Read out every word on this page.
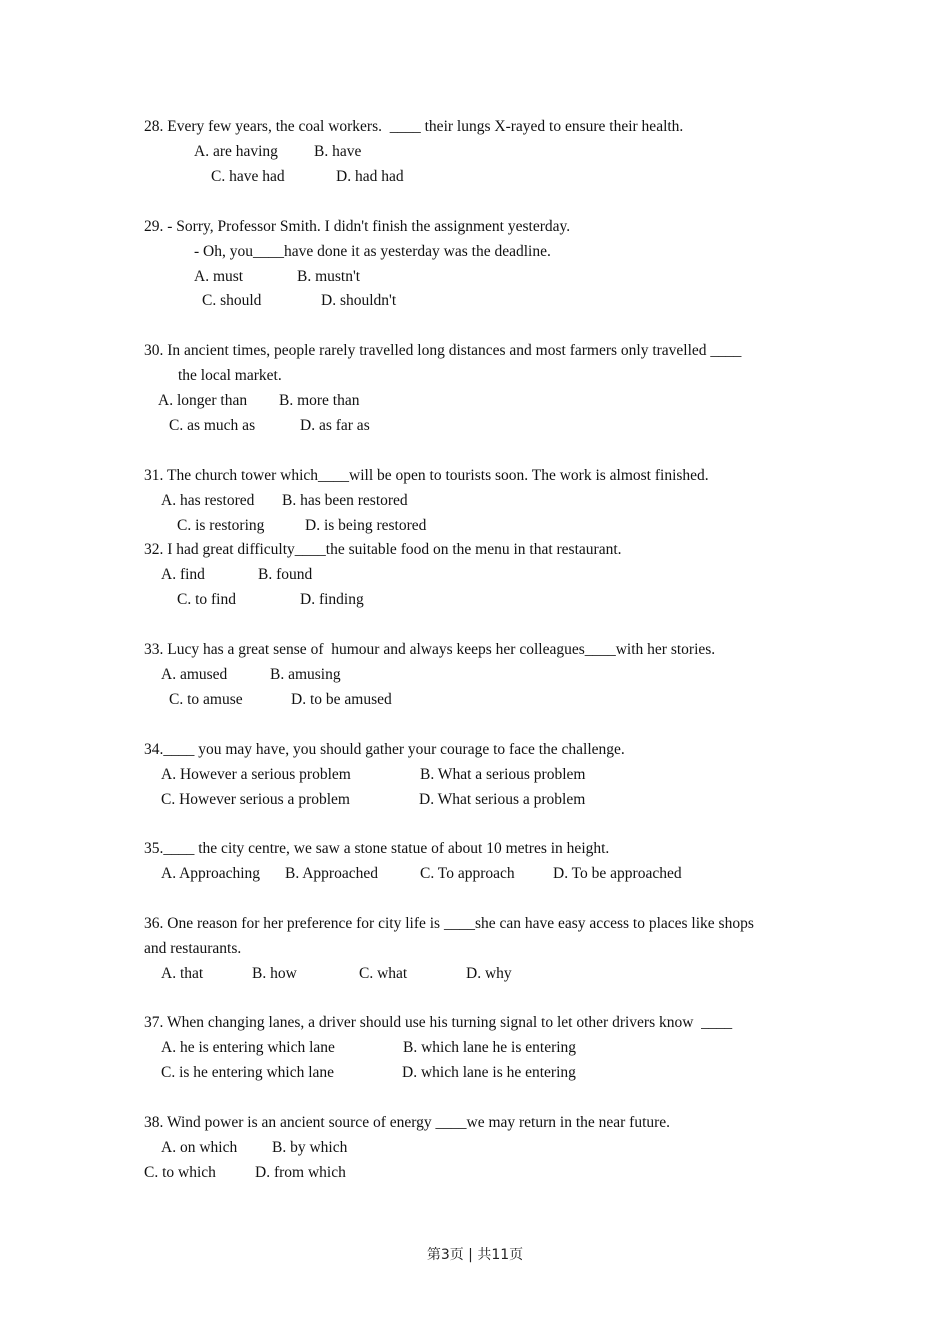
第3页 | 共11页
28. Every few years, the coal workers.  ____ their lungs X-rayed to ensure their health.
A. are having B. have
C. have had	D. had had
29. - Sorry, Professor Smith. I didn't finish the assignment yesterday.
- Oh, you____have done it as yesterday was the deadline.
A. must	B. mustn't
C. should	D. shouldn't
30. In ancient times, people rarely travelled long distances and most farmers only travelled ____
the local market.
A. longer than B. more than
C. as much as	D. as far as
31. The church tower which____will be open to tourists soon. The work is almost finished.
A. has restored B. has been restored
C. is restoring	D. is being restored
32. I had great difficulty____the suitable food on the menu in that restaurant.
A. find	B. found
C. to find	D. finding
33. Lucy has a great sense of  humour and always keeps her colleagues____with her stories.
A. amused	B. amusing
C. to amuse	D. to be amused
34.____ you may have, you should gather your courage to face the challenge.
A. However a serious problem	B. What a serious problem
C. However serious a problem	D. What serious a problem
35.____ the city centre, we saw a stone statue of about 10 metres in height.
A. Approaching B. Approached	C. To approach D. To be approached
36. One reason for her preference for city life is ____she can have easy access to places like shops
and restaurants.
A. that	B. how	C. what	D. why
37. When changing lanes, a driver should use his turning signal to let other drivers know  ____
A. he is entering which lane	B. which lane he is entering
C. is he entering which lane	D. which lane is he entering
38. Wind power is an ancient source of energy ____we may return in the near future.
A. on which B. by which
C. to which	D. from which
